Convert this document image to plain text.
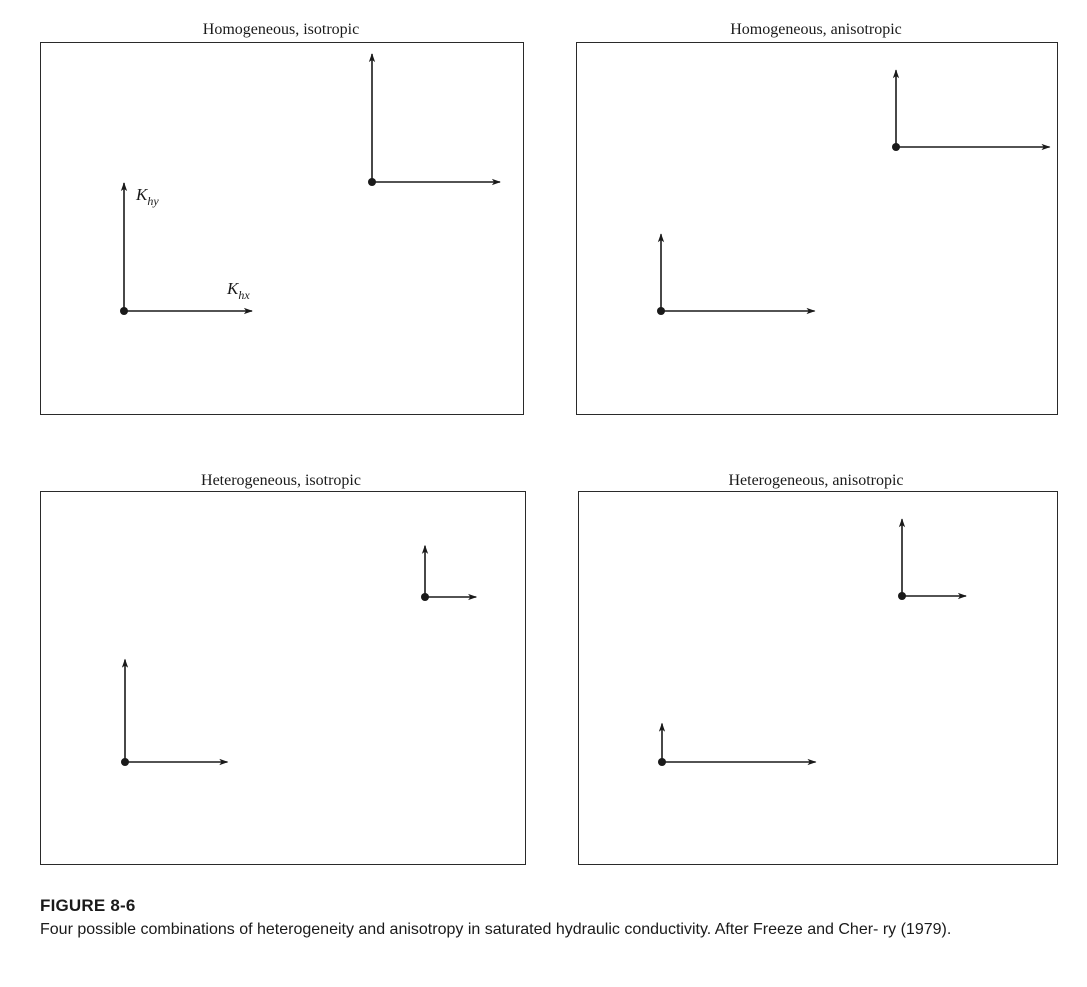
Homogeneous, isotropic	Homogeneous, anisotropic
Heterogeneous, isotropic	Heterogeneous, anisotropic
$K_{hy}$
$K_{hx}$
FIGURE 8-6
Four possible combinations of heterogeneity and anisotropy in saturated hydraulic conductivity. After Freeze and Cher- ry (1979).
